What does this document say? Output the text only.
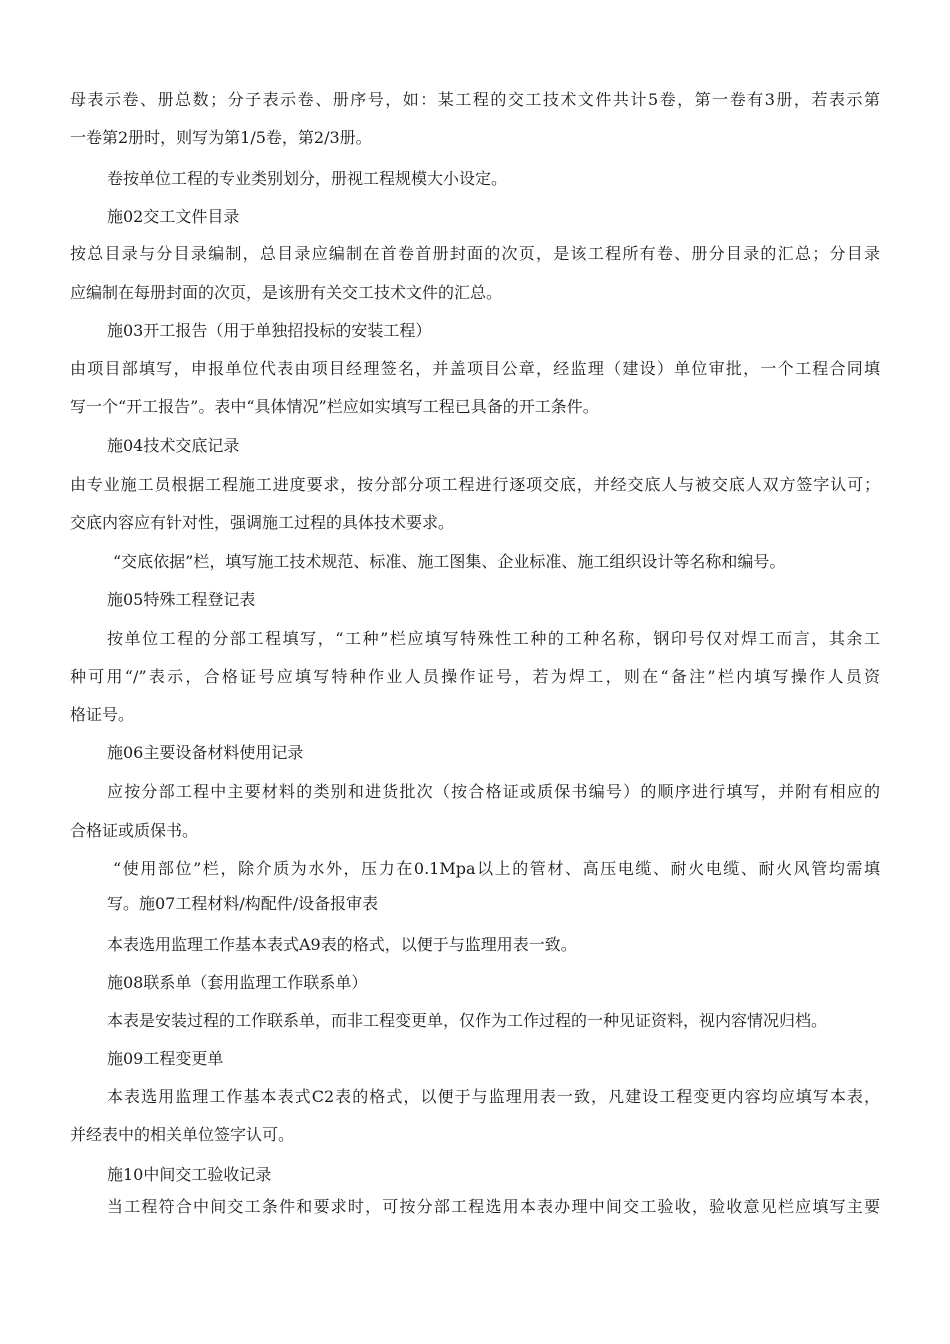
母表示卷、册总数；分子表示卷、册序号，如：某工程的交工技术文件共计5卷，第一卷有3册，若表示第

一卷第2册时，则写为第1/5卷，第2/3册。

卷按单位工程的专业类别划分，册视工程规模大小设定。

施02交工文件目录

按总目录与分目录编制，总目录应编制在首卷首册封面的次页，是该工程所有卷、册分目录的汇总；分目录

应编制在每册封面的次页，是该册有关交工技术文件的汇总。

施03开工报告（用于单独招投标的安装工程）

由项目部填写，申报单位代表由项目经理签名，并盖项目公章，经监理（建设）单位审批，一个工程合同填

写一个“开工报告”。表中“具体情况”栏应如实填写工程已具备的开工条件。

施04技术交底记录

由专业施工员根据工程施工进度要求，按分部分项工程进行逐项交底，并经交底人与被交底人双方签字认可；

交底内容应有针对性，强调施工过程的具体技术要求。

“交底依据”栏，填写施工技术规范、标准、施工图集、企业标准、施工组织设计等名称和编号。

施05特殊工程登记表

按单位工程的分部工程填写，“工种”栏应填写特殊性工种的工种名称，钢印号仅对焊工而言，其余工

种可用“/”表示，合格证号应填写特种作业人员操作证号，若为焊工，则在“备注”栏内填写操作人员资

格证号。

施06主要设备材料使用记录

应按分部工程中主要材料的类别和进货批次（按合格证或质保书编号）的顺序进行填写，并附有相应的

合格证或质保书。

“使用部位”栏，除介质为水外，压力在0.1Mpa以上的管材、高压电缆、耐火电缆、耐火风管均需填

写。施07工程材料/构配件/设备报审表

本表选用监理工作基本表式A9表的格式，以便于与监理用表一致。

施08联系单（套用监理工作联系单）

本表是安装过程的工作联系单，而非工程变更单，仅作为工作过程的一种见证资料，视内容情况归档。

施09工程变更单

本表选用监理工作基本表式C2表的格式，以便于与监理用表一致，凡建设工程变更内容均应填写本表，

并经表中的相关单位签字认可。

施10中间交工验收记录

当工程符合中间交工条件和要求时，可按分部工程选用本表办理中间交工验收，验收意见栏应填写主要
